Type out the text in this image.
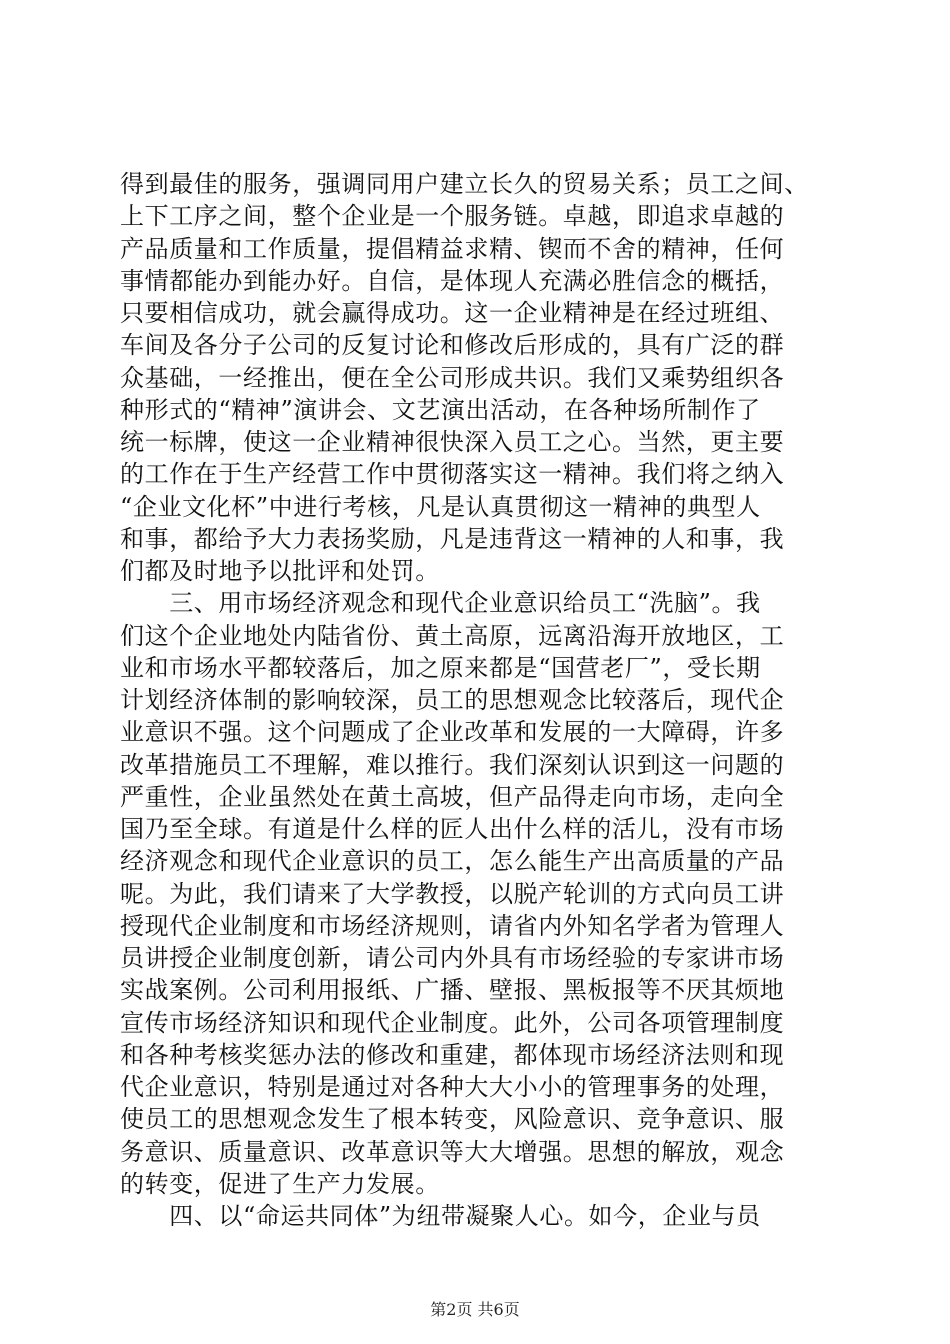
得到最佳的服务，强调同用户建立长久的贸易关系；员工之间、
上下工序之间，整个企业是一个服务链。卓越，即追求卓越的
产品质量和工作质量，提倡精益求精、锲而不舍的精神，任何
事情都能办到能办好。自信，是体现人充满必胜信念的概括，
只要相信成功，就会赢得成功。这一企业精神是在经过班组、
车间及各分子公司的反复讨论和修改后形成的，具有广泛的群
众基础，一经推出，便在全公司形成共识。我们又乘势组织各
种形式的“精神”演讲会、文艺演出活动，在各种场所制作了
统一标牌，使这一企业精神很快深入员工之心。当然，更主要
的工作在于生产经营工作中贯彻落实这一精神。我们将之纳入
“企业文化杯”中进行考核，凡是认真贯彻这一精神的典型人
和事，都给予大力表扬奖励，凡是违背这一精神的人和事，我
们都及时地予以批评和处罚。
　　三、用市场经济观念和现代企业意识给员工“洗脑”。我
们这个企业地处内陆省份、黄土高原，远离沿海开放地区，工
业和市场水平都较落后，加之原来都是“国营老厂”，受长期
计划经济体制的影响较深，员工的思想观念比较落后，现代企
业意识不强。这个问题成了企业改革和发展的一大障碍，许多
改革措施员工不理解，难以推行。我们深刻认识到这一问题的
严重性，企业虽然处在黄土高坡，但产品得走向市场，走向全
国乃至全球。有道是什么样的匠人出什么样的活儿，没有市场
经济观念和现代企业意识的员工，怎么能生产出高质量的产品
呢。为此，我们请来了大学教授，以脱产轮训的方式向员工讲
授现代企业制度和市场经济规则，请省内外知名学者为管理人
员讲授企业制度创新，请公司内外具有市场经验的专家讲市场
实战案例。公司利用报纸、广播、壁报、黑板报等不厌其烦地
宣传市场经济知识和现代企业制度。此外，公司各项管理制度
和各种考核奖惩办法的修改和重建，都体现市场经济法则和现
代企业意识，特别是通过对各种大大小小的管理事务的处理，
使员工的思想观念发生了根本转变，风险意识、竞争意识、服
务意识、质量意识、改革意识等大大增强。思想的解放，观念
的转变，促进了生产力发展。
　　四、以“命运共同体”为纽带凝聚人心。如今，企业与员
第2页 共6页
